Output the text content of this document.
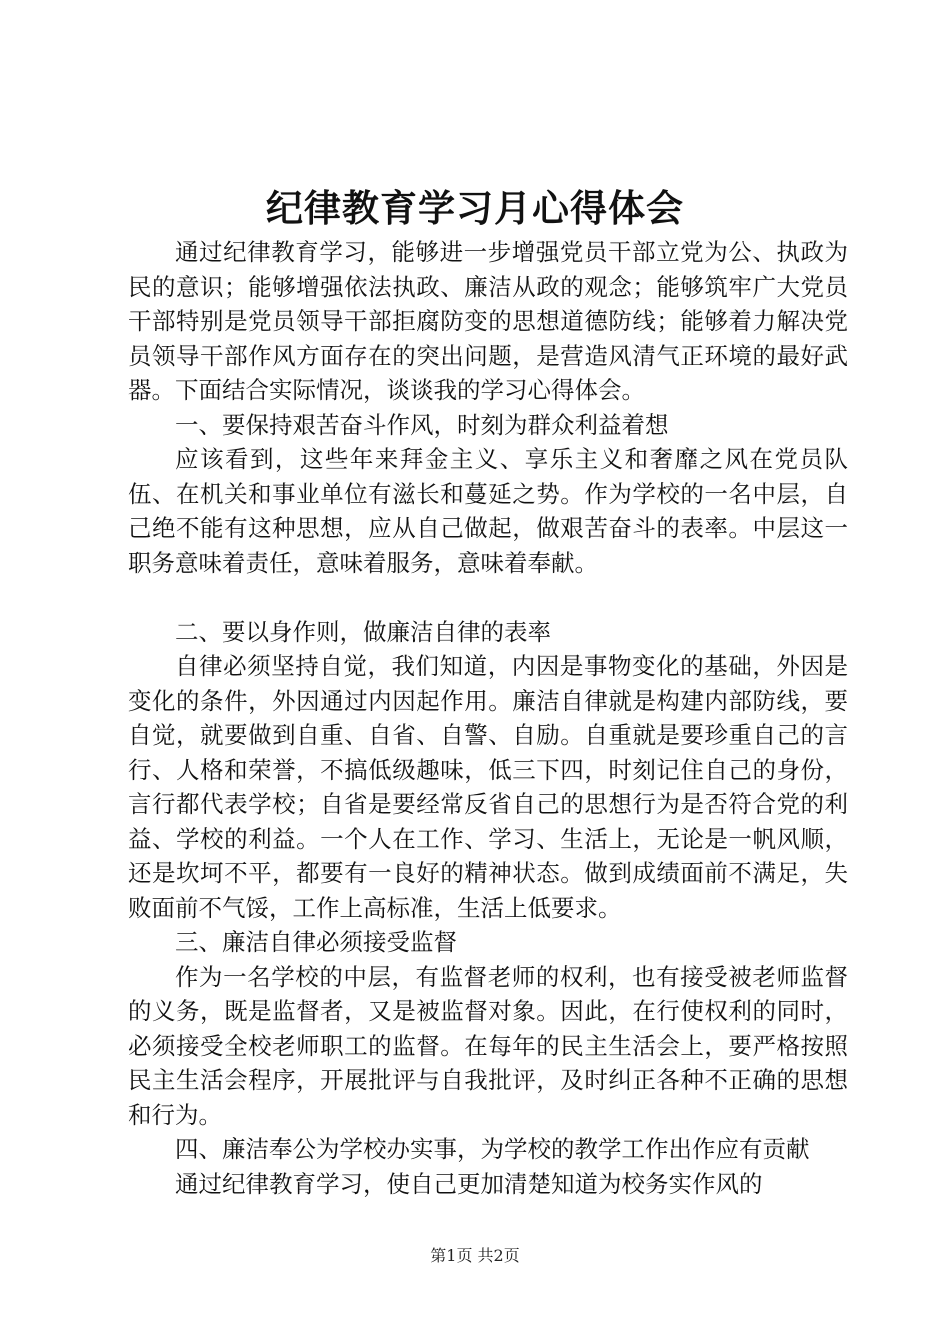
纪律教育学习月心得体会

通过纪律教育学习，能够进一步增强党员干部立党为公、执政为民的意识；能够增强依法执政、廉洁从政的观念；能够筑牢广大党员干部特别是党员领导干部拒腐防变的思想道德防线；能够着力解决党员领导干部作风方面存在的突出问题，是营造风清气正环境的最好武器。下面结合实际情况，谈谈我的学习心得体会。

一、要保持艰苦奋斗作风，时刻为群众利益着想

应该看到，这些年来拜金主义、享乐主义和奢靡之风在党员队伍、在机关和事业单位有滋长和蔓延之势。作为学校的一名中层，自己绝不能有这种思想，应从自己做起，做艰苦奋斗的表率。中层这一职务意味着责任，意味着服务，意味着奉献。

二、要以身作则，做廉洁自律的表率

自律必须坚持自觉，我们知道，内因是事物变化的基础，外因是变化的条件，外因通过内因起作用。廉洁自律就是构建内部防线，要自觉，就要做到自重、自省、自警、自励。自重就是要珍重自己的言行、人格和荣誉，不搞低级趣味，低三下四，时刻记住自己的身份，言行都代表学校；自省是要经常反省自己的思想行为是否符合党的利益、学校的利益。一个人在工作、学习、生活上，无论是一帆风顺，还是坎坷不平，都要有一良好的精神状态。做到成绩面前不满足，失败面前不气馁，工作上高标准，生活上低要求。

三、廉洁自律必须接受监督

作为一名学校的中层，有监督老师的权利，也有接受被老师监督的义务，既是监督者，又是被监督对象。因此，在行使权利的同时，必须接受全校老师职工的监督。在每年的民主生活会上，要严格按照民主生活会程序，开展批评与自我批评，及时纠正各种不正确的思想和行为。

四、廉洁奉公为学校办实事，为学校的教学工作出作应有贡献

通过纪律教育学习，使自己更加清楚知道为校务实作风的

第1页 共2页
